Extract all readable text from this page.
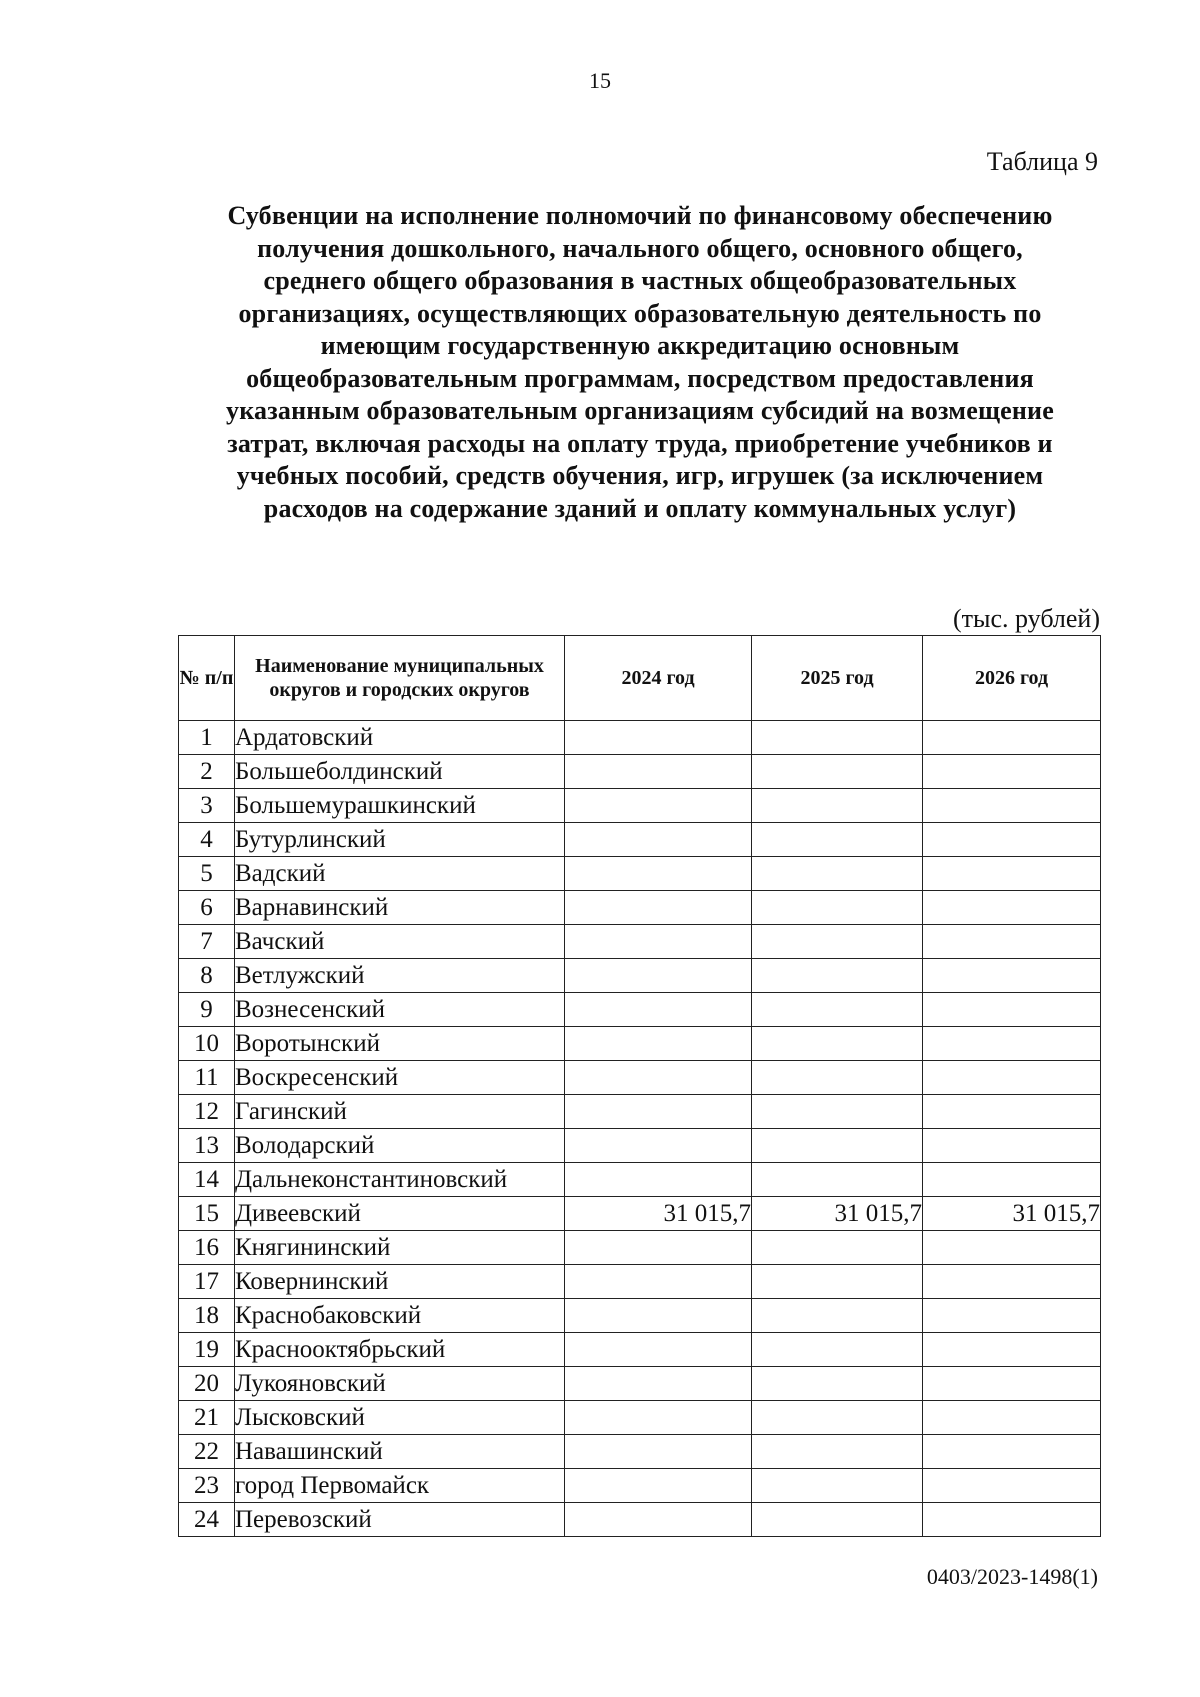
15
Таблица 9
Субвенции на исполнение полномочий по финансовому обеспечению
получения дошкольного, начального общего, основного общего,
среднего общего образования в частных общеобразовательных
организациях, осуществляющих образовательную деятельность по
имеющим государственную аккредитацию основным
общеобразовательным программам, посредством предоставления
указанным образовательным организациям субсидий на возмещение
затрат, включая расходы на оплату труда, приобретение учебников и
учебных пособий, средств обучения, игр, игрушек (за исключением
расходов на содержание зданий и оплату коммунальных услуг)
(тыс. рублей)
№ п/п	Наименование муниципальных округов и городских округов	2024 год	2025 год	2026 год
1	Ардатовский			
2	Большеболдинский			
3	Большемурашкинский			
4	Бутурлинский			
5	Вадский			
6	Варнавинский			
7	Вачский			
8	Ветлужский			
9	Вознесенский			
10	Воротынский			
11	Воскресенский			
12	Гагинский			
13	Володарский			
14	Дальнеконстантиновский			
15	Дивеевский	31 015,7	31 015,7	31 015,7
16	Княгининский			
17	Ковернинский			
18	Краснобаковский			
19	Краснооктябрьский			
20	Лукояновский			
21	Лысковский			
22	Навашинский			
23	город Первомайск			
24	Перевозский			
0403/2023-1498(1)
